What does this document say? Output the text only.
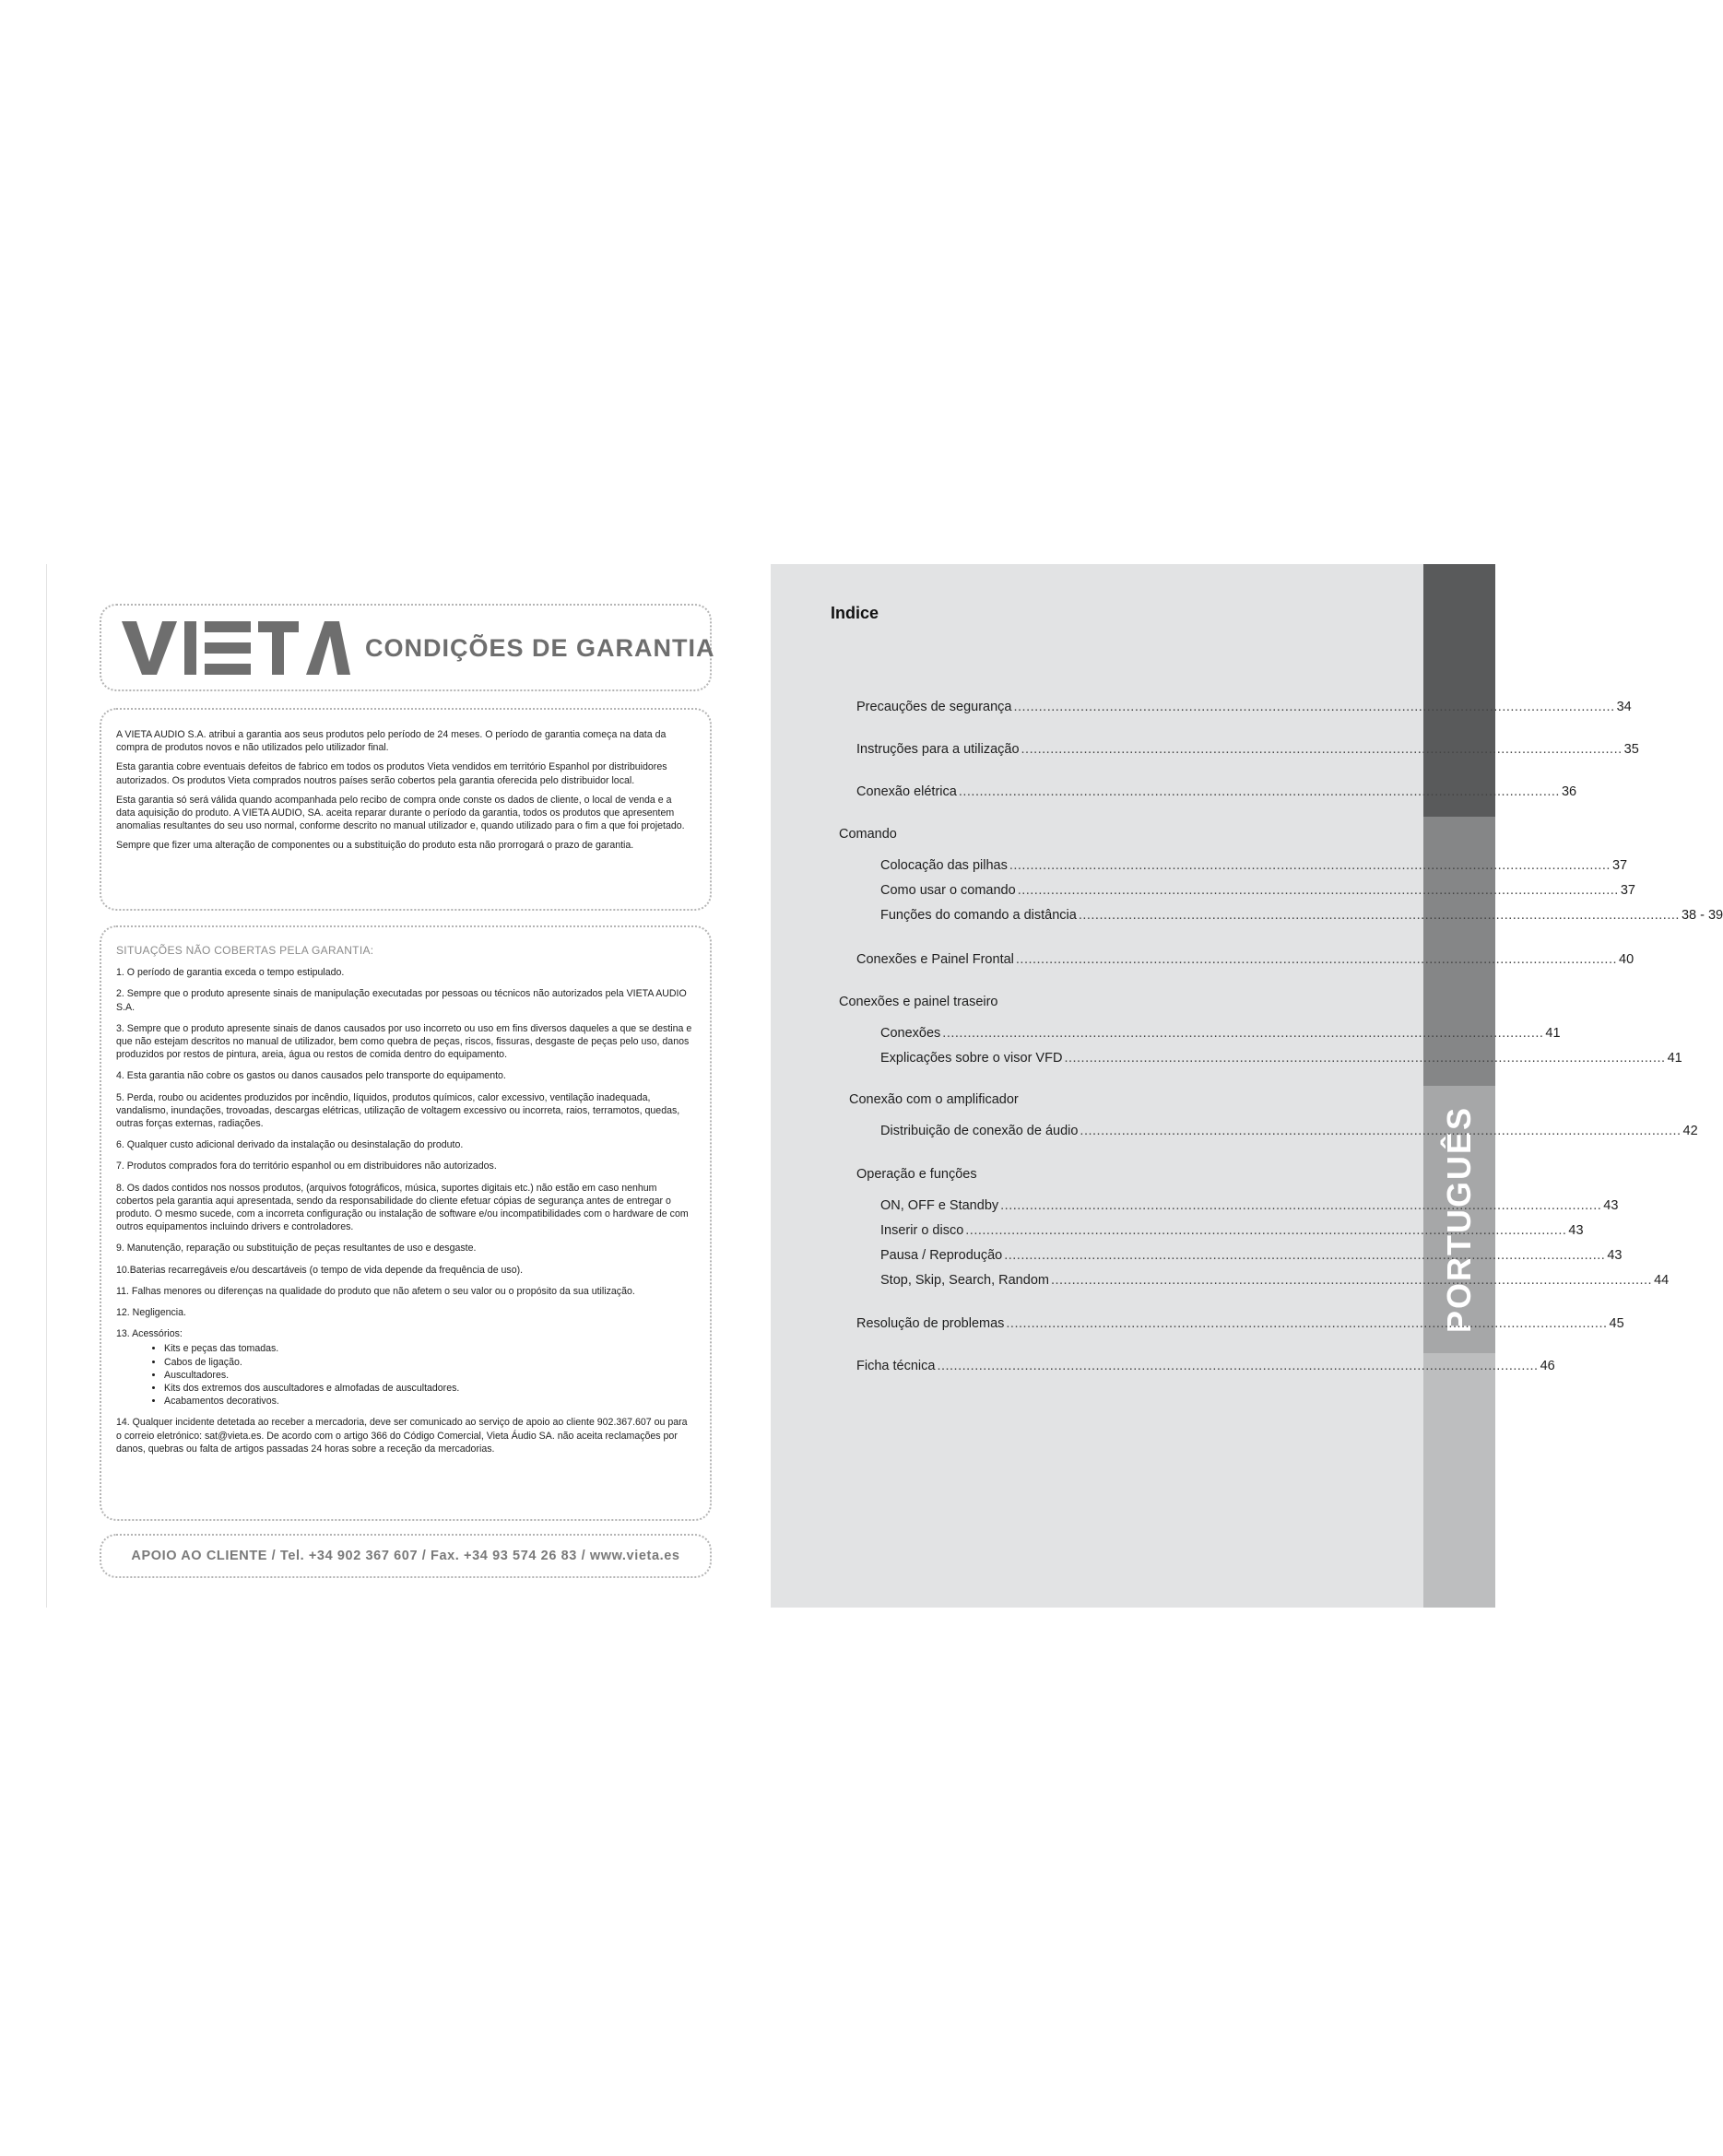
CONDIÇÕES DE GARANTIA

A VIETA AUDIO S.A. atribui a garantia aos seus produtos pelo período de 24 meses. O período de garantia começa na data da compra de produtos novos e não utilizados pelo utilizador final.

Esta garantia cobre eventuais defeitos de fabrico em todos os produtos Vieta vendidos em território Espanhol por distribuidores autorizados. Os produtos Vieta comprados noutros países serão cobertos pela garantia oferecida pelo distribuidor local.

Esta garantia só será válida quando acompanhada pelo recibo de compra onde conste os dados de cliente, o local de venda e a data aquisição do produto. A VIETA AUDIO, SA. aceita reparar durante o período da garantia, todos os produtos que apresentem anomalias resultantes do seu uso normal, conforme descrito no manual utilizador e, quando utilizado para o fim a que foi projetado.

Sempre que fizer uma alteração de componentes ou a substituição do produto esta não prorrogará o prazo de garantia.

SITUAÇÕES NÃO COBERTAS PELA GARANTIA:

1. O período de garantia exceda o tempo estipulado.

2. Sempre que o produto apresente sinais de manipulação executadas por pessoas ou técnicos não autorizados pela VIETA AUDIO S.A.

3. Sempre que o produto apresente sinais de danos causados por uso incorreto ou uso em fins diversos daqueles a que se destina e que não estejam descritos no manual de utilizador, bem como quebra de peças, riscos, fissuras, desgaste de peças pelo uso, danos produzidos por restos de pintura, areia, água ou restos de comida dentro do equipamento.

4. Esta garantia não cobre os gastos ou danos causados pelo transporte do equipamento.

5. Perda, roubo ou acidentes produzidos por incêndio, líquidos, produtos químicos, calor excessivo, ventilação inadequada, vandalismo, inundações, trovoadas, descargas elétricas, utilização de voltagem excessivo ou incorreta, raios, terramotos, quedas, outras forças externas, radiações.

6. Qualquer custo adicional derivado da instalação ou desinstalação do produto.

7. Produtos comprados fora do território espanhol ou em distribuidores não autorizados.

8. Os dados contidos nos nossos produtos, (arquivos fotográficos, música, suportes digitais etc.) não estão em caso nenhum cobertos pela garantia aqui apresentada, sendo da responsabilidade do cliente efetuar cópias de segurança antes de entregar o produto. O mesmo sucede, com a incorreta configuração ou instalação de software e/ou incompatibilidades com o hardware de com outros equipamentos incluindo drivers e controladores.

9. Manutenção, reparação ou substituição de peças resultantes de uso e desgaste.

10.Baterias recarregáveis e/ou descartáveis (o tempo de vida depende da frequência de uso).

11. Falhas menores ou diferenças na qualidade do produto que não afetem o seu valor ou o propósito da sua utilização.

12. Negligencia.

13. Acessórios:

• Kits e peças das tomadas.
• Cabos de ligação.
• Auscultadores.
• Kits dos extremos dos auscultadores e almofadas de auscultadores.
• Acabamentos decorativos.

14. Qualquer incidente detetada ao receber a mercadoria, deve ser comunicado ao serviço de apoio ao cliente 902.367.607 ou para o correio eletrónico: sat@vieta.es. De acordo com o artigo 366 do Código Comercial, Vieta Áudio SA. não aceita reclamações por danos, quebras ou falta de artigos passadas 24 horas sobre a receção da mercadorias.

APOIO AO CLIENTE / Tel. +34 902 367 607 / Fax. +34 93 574 26 83 / www.vieta.es
PORTUGUÊS
Indice
Precauções de segurança ................................................................................................................................................ 34
Instruções para a utilização ................................................................................................................................................ 35
Conexão elétrica ................................................................................................................................................ 36
Comando
Colocação das pilhas ................................................................................................................................................ 37
Como usar o comando ................................................................................................................................................ 37
Funções do comando a distância ................................................................................................................................................ 38 - 39
Conexões e Painel Frontal ................................................................................................................................................ 40
Conexões e painel traseiro
Conexões ................................................................................................................................................ 41
Explicações sobre o visor VFD ................................................................................................................................................ 41
Conexão com o amplificador
Distribuição de conexão de áudio ................................................................................................................................................ 42
Operação e funções
ON, OFF e Standby ................................................................................................................................................ 43
Inserir o disco ................................................................................................................................................ 43
Pausa / Reprodução ................................................................................................................................................ 43
Stop, Skip, Search, Random ................................................................................................................................................ 44
Resolução de problemas ................................................................................................................................................ 45
Ficha técnica ................................................................................................................................................ 46
